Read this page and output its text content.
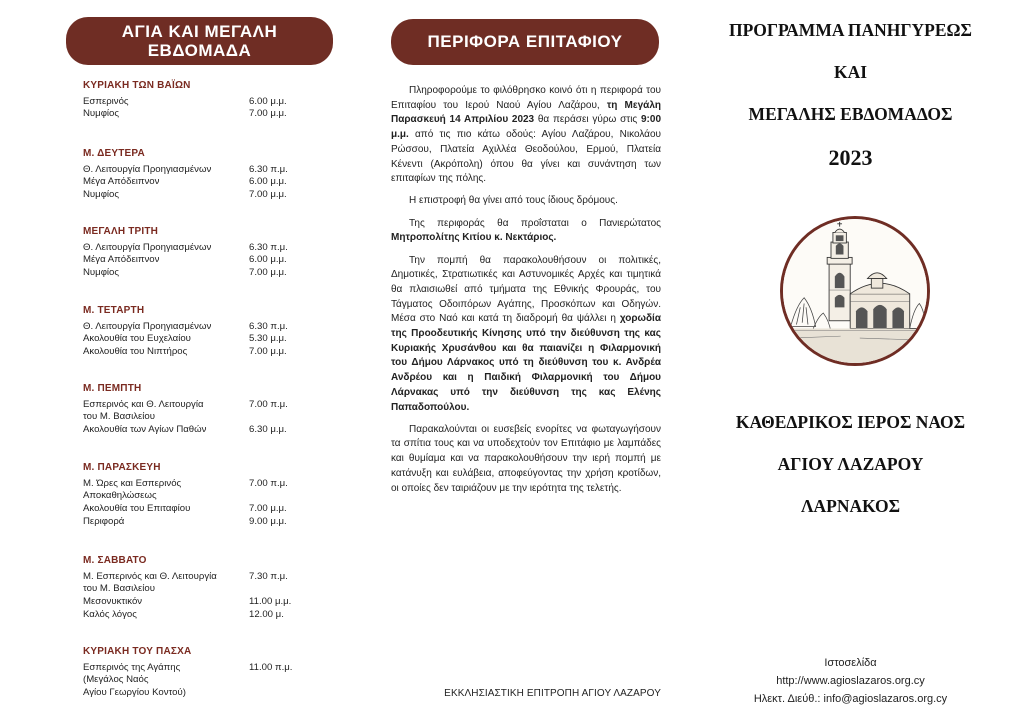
ΑΓΙΑ ΚΑΙ ΜΕΓΑΛΗ
ΕΒΔΟΜΑΔΑ
ΚΥΡΙΑΚΗ ΤΩΝ ΒΑΪΩΝ
Εσπερινός	6.00 μ.μ.
Νυμφίος	7.00 μ.μ.
Μ. ΔΕΥΤΕΡΑ
Θ. Λειτουργία Προηγιασμένων	6.30 π.μ.
Μέγα Απόδειπνον	6.00 μ.μ.
Νυμφίος	7.00 μ.μ.
ΜΕΓΑΛΗ ΤΡΙΤΗ
Θ. Λειτουργία Προηγιασμένων	6.30 π.μ.
Μέγα Απόδειπνον	6.00 μ.μ.
Νυμφίος	7.00 μ.μ.
Μ. ΤΕΤΑΡΤΗ
Θ. Λειτουργία Προηγιασμένων	6.30 π.μ.
Ακολουθία του Ευχελαίου	5.30 μ.μ.
Ακολουθία του Νιπτήρος	7.00 μ.μ.
Μ. ΠΕΜΠΤΗ
Εσπερινός και Θ. Λειτουργία	7.00 π.μ.
του Μ. Βασιλείου
Ακολουθία των Αγίων Παθών	6.30 μ.μ.
Μ. ΠΑΡΑΣΚΕΥΗ
Μ. Ώρες και Εσπερινός	7.00 π.μ.
Αποκαθηλώσεως
Ακολουθία του Επιταφίου	7.00 μ.μ.
Περιφορά	9.00 μ.μ.
Μ. ΣΑΒΒΑΤΟ
Μ. Εσπερινός και Θ. Λειτουργία	7.30 π.μ.
του Μ. Βασιλείου
Μεσονυκτικόν	11.00 μ.μ.
Καλός λόγος	12.00 μ.
ΚΥΡΙΑΚΗ ΤΟΥ ΠΑΣΧΑ
Εσπερινός της Αγάπης	11.00 π.μ.
(Μεγάλος Ναός
Αγίου Γεωργίου Κοντού)
ΠΕΡΙΦΟΡΑ ΕΠΙΤΑΦΙΟΥ

Πληροφορούμε το φιλόθρησκο κοινό ότι η περιφορά του Επιταφίου του Ιερού Ναού Αγίου Λαζάρου, τη Μεγάλη Παρασκευή 14 Απριλίου 2023 θα περάσει γύρω στις 9:00 μ.μ. από τις πιο κάτω οδούς: Αγίου Λαζάρου, Νικολάου Ρώσσου, Πλατεία Αχιλλέα Θεοδούλου, Ερμού, Πλατεία Κένεντι (Ακρόπολη) όπου θα γίνει και συνάντηση των επιταφίων της πόλης.

Η επιστροφή θα γίνει από τους ίδιους δρόμους.

Της περιφοράς θα προΐσταται ο Πανιερώτατος Μητροπολίτης Κιτίου κ. Νεκτάριος.

Την πομπή θα παρακολουθήσουν οι πολιτικές, Δημοτικές, Στρατιωτικές και Αστυνομικές Αρχές και τιμητικά θα πλαισιωθεί από τμήματα της Εθνικής Φρουράς, του Τάγματος Οδοιπόρων Αγάπης, Προσκόπων και Οδηγών. Μέσα στο Ναό και κατά τη διαδρομή θα ψάλλει η χορωδία της Προοδευτικής Κίνησης υπό την διεύθυνση της κας Κυριακής Χρυσάνθου και θα παιανίζει η Φιλαρμονική του Δήμου Λάρνακος υπό τη διεύθυνση του κ. Ανδρέα Ανδρέου και η Παιδική Φιλαρμονική του Δήμου Λάρνακας υπό την διεύθυνση της κας Ελένης Παπαδοπούλου.

Παρακαλούνται οι ευσεβείς ενορίτες να φωταγωγήσουν τα σπίτια τους και να υποδεχτούν τον Επιτάφιο με λαμπάδες και θυμίαμα και να παρακολουθήσουν την ιερή πομπή με κατάνυξη και ευλάβεια, αποφεύγοντας την χρήση κροτίδων, οι οποίες δεν ταιριάζουν με την ιερότητα της τελετής.

ΕΚΚΛΗΣΙΑΣΤΙΚΗ ΕΠΙΤΡΟΠΗ ΑΓΙΟΥ ΛΑΖΑΡΟΥ
ΠΡΟΓΡΑΜΜΑ ΠΑΝΗΓΥΡΕΩΣ
ΚΑΙ
ΜΕΓΑΛΗΣ ΕΒΔΟΜΑΔΟΣ
2023
ΚΑΘΕΔΡΙΚΟΣ ΙΕΡΟΣ ΝΑΟΣ
ΑΓΙΟΥ ΛΑΖΑΡΟΥ
ΛΑΡΝΑΚΟΣ
Ιστοσελίδα
http://www.agioslazaros.org.cy
Ηλεκτ. Διεύθ.: info@agioslazaros.org.cy
